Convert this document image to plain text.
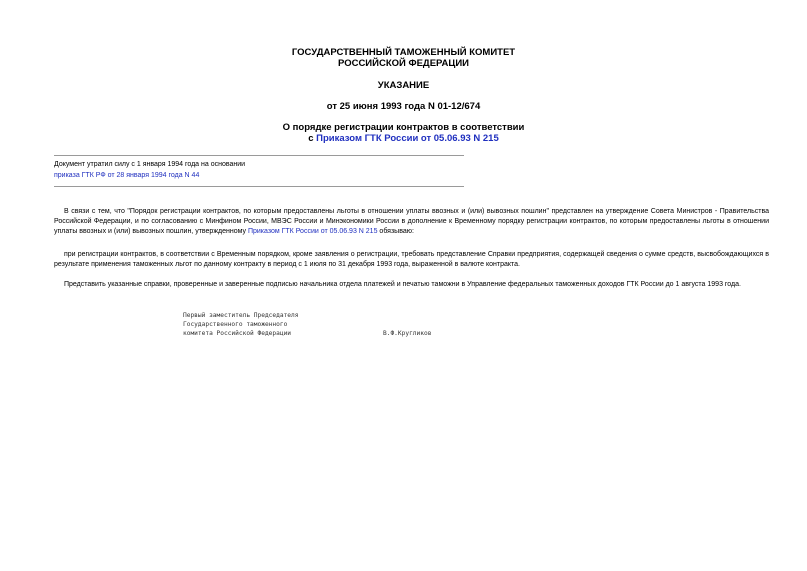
ГОСУДАРСТВЕННЫЙ ТАМОЖЕННЫЙ КОМИТЕТ
РОССИЙСКОЙ ФЕДЕРАЦИИ
УКАЗАНИЕ
от 25 июня 1993 года N 01-12/674
О порядке регистрации контрактов в соответствии
с Приказом ГТК России от 05.06.93 N 215
Документ утратил силу с 1 января 1994 года на основании
приказа ГТК РФ от 28 января 1994 года N 44
В связи с тем, что "Порядок регистрации контрактов, по которым предоставлены льготы в отношении уплаты ввозных и (или) вывозных пошлин" представлен на утверждение Совета Министров - Правительства Российской Федерации, и по согласованию с Минфином России, МВЭС России и Минэкономики России в дополнение к Временному порядку регистрации контрактов, по которым предоставлены льготы в отношении уплаты ввозных и (или) вывозных пошлин, утвержденному Приказом ГТК России от 05.06.93 N 215 обязываю:
при регистрации контрактов, в соответствии с Временным порядком, кроме заявления о регистрации, требовать представление Справки предприятия, содержащей сведения о сумме средств, высвобождающихся в результате применения таможенных льгот по данному контракту в период с 1 июля по 31 декабря 1993 года, выраженной в валюте контракта.
Представить указанные справки, проверенные и заверенные подписью начальника отдела платежей и печатью таможни в Управление федеральных таможенных доходов ГТК России до 1 августа 1993 года.
Первый заместитель Председателя
Государственного таможенного
комитета Российской Федерации	В.Ф.Кругликов
